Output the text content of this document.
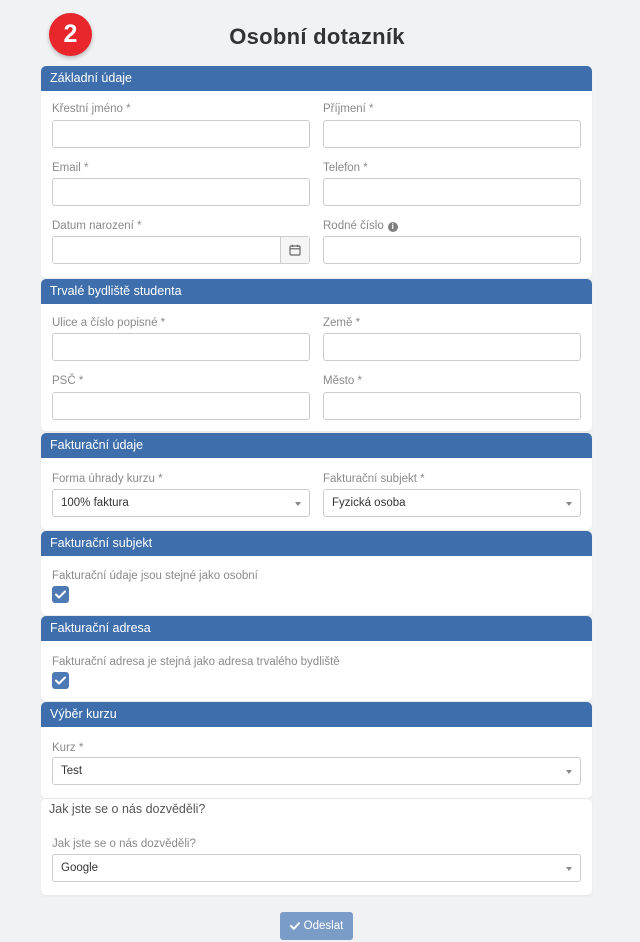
2	Osobní dotazník
Základní údaje
Křestní jméno *	Příjmení *
Email *	Telefon *
Datum narození *	Rodné číslo i
Trvalé bydliště studenta
Ulice a číslo popisné *	Země *
PSČ *	Město *
Fakturační údaje
Forma úhrady kurzu *
100% faktura
Fakturační subjekt *
Fyzická osoba
Fakturační subjekt
Fakturační údaje jsou stejné jako osobní
Fakturační adresa
Fakturační adresa je stejná jako adresa trvalého bydliště
Výběr kurzu
Kurz *
Test
Jak jste se o nás dozvěděli?
Jak jste se o nás dozvěděli?
Google
Odeslat
